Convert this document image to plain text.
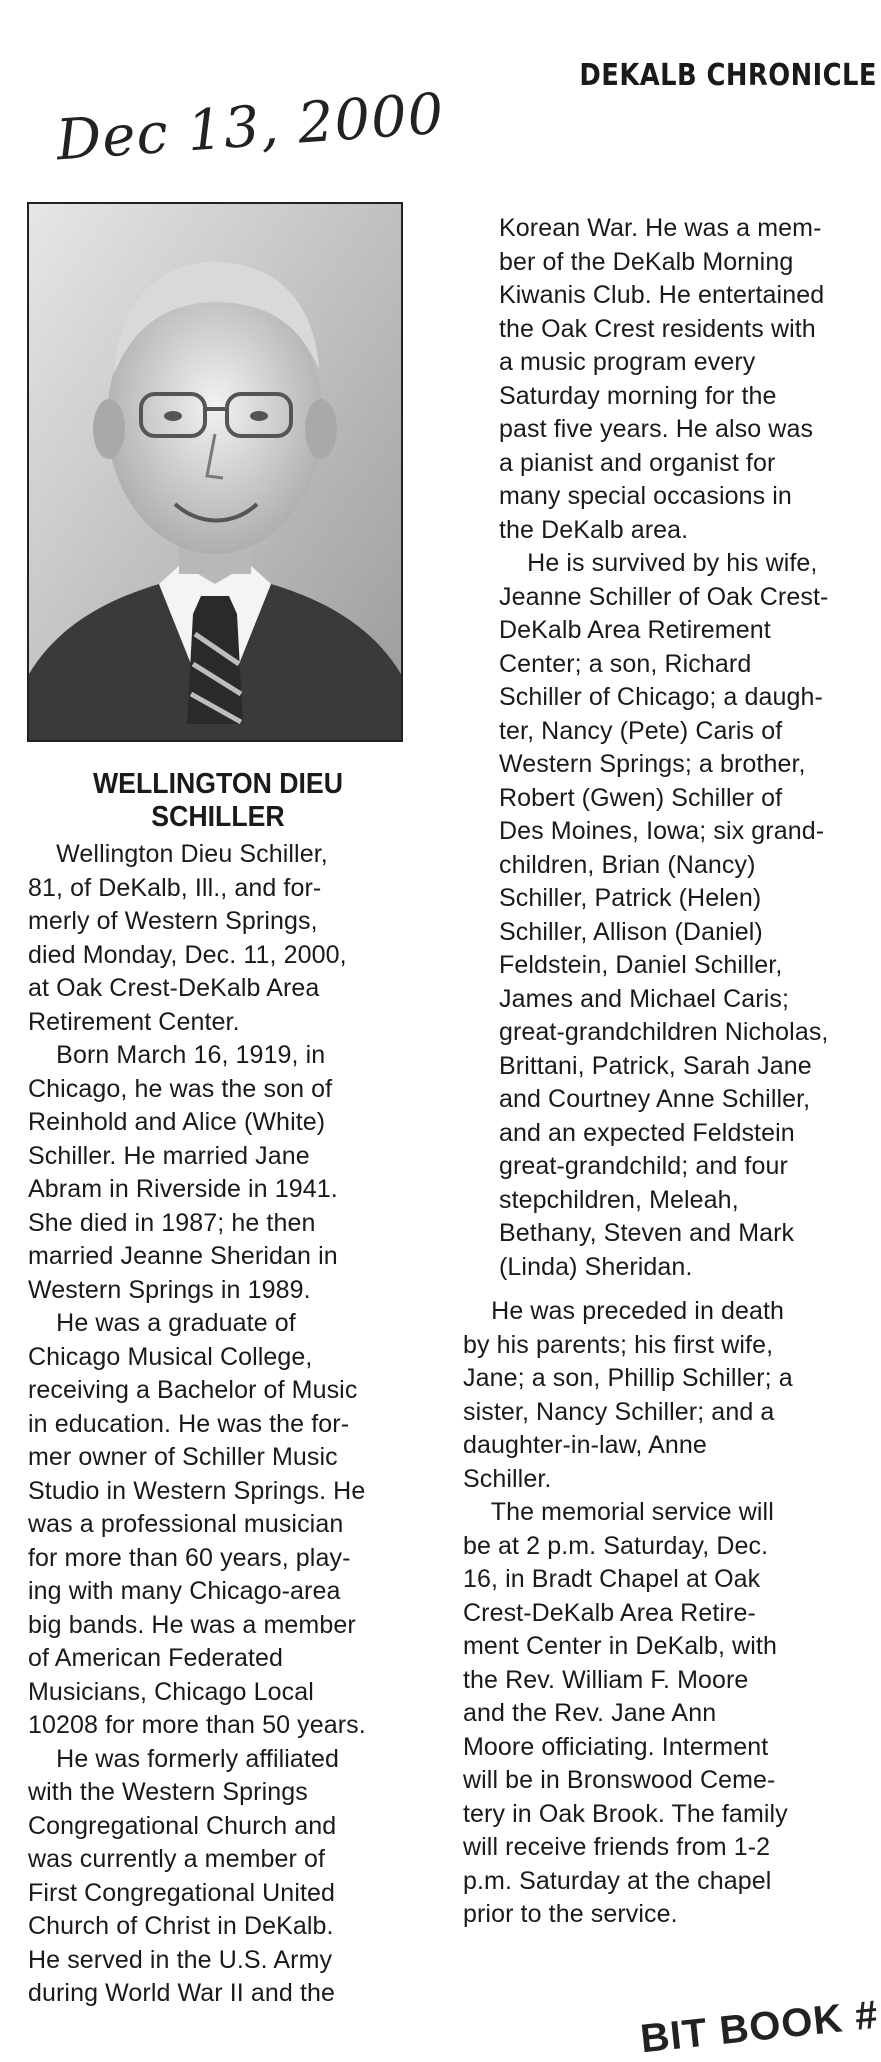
DEKALB CHRONICLE
Dec 13, 2000
WELLINGTON DIEU
SCHILLER
Wellington Dieu Schiller,
81, of DeKalb, Ill., and for-
merly of Western Springs,
died Monday, Dec. 11, 2000,
at Oak Crest-DeKalb Area
Retirement Center.
Born March 16, 1919, in
Chicago, he was the son of
Reinhold and Alice (White)
Schiller. He married Jane
Abram in Riverside in 1941.
She died in 1987; he then
married Jeanne Sheridan in
Western Springs in 1989.
He was a graduate of
Chicago Musical College,
receiving a Bachelor of Music
in education. He was the for-
mer owner of Schiller Music
Studio in Western Springs. He
was a professional musician
for more than 60 years, play-
ing with many Chicago-area
big bands. He was a member
of American Federated
Musicians, Chicago Local
10208 for more than 50 years.
He was formerly affiliated
with the Western Springs
Congregational Church and
was currently a member of
First Congregational United
Church of Christ in DeKalb.
He served in the U.S. Army
during World War II and the
Korean War. He was a mem-
ber of the DeKalb Morning
Kiwanis Club. He entertained
the Oak Crest residents with
a music program every
Saturday morning for the
past five years. He also was
a pianist and organist for
many special occasions in
the DeKalb area.
He is survived by his wife,
Jeanne Schiller of Oak Crest-
DeKalb Area Retirement
Center; a son, Richard
Schiller of Chicago; a daugh-
ter, Nancy (Pete) Caris of
Western Springs; a brother,
Robert (Gwen) Schiller of
Des Moines, Iowa; six grand-
children, Brian (Nancy)
Schiller, Patrick (Helen)
Schiller, Allison (Daniel)
Feldstein, Daniel Schiller,
James and Michael Caris;
great-grandchildren Nicholas,
Brittani, Patrick, Sarah Jane
and Courtney Anne Schiller,
and an expected Feldstein
great-grandchild; and four
stepchildren, Meleah,
Bethany, Steven and Mark
(Linda) Sheridan.
He was preceded in death
by his parents; his first wife,
Jane; a son, Phillip Schiller; a
sister, Nancy Schiller; and a
daughter-in-law, Anne
Schiller.
The memorial service will
be at 2 p.m. Saturday, Dec.
16, in Bradt Chapel at Oak
Crest-DeKalb Area Retire-
ment Center in DeKalb, with
the Rev. William F. Moore
and the Rev. Jane Ann
Moore officiating. Interment
will be in Bronswood Ceme-
tery in Oak Brook. The family
will receive friends from 1-2
p.m. Saturday at the chapel
prior to the service.
BIT BOOK #
